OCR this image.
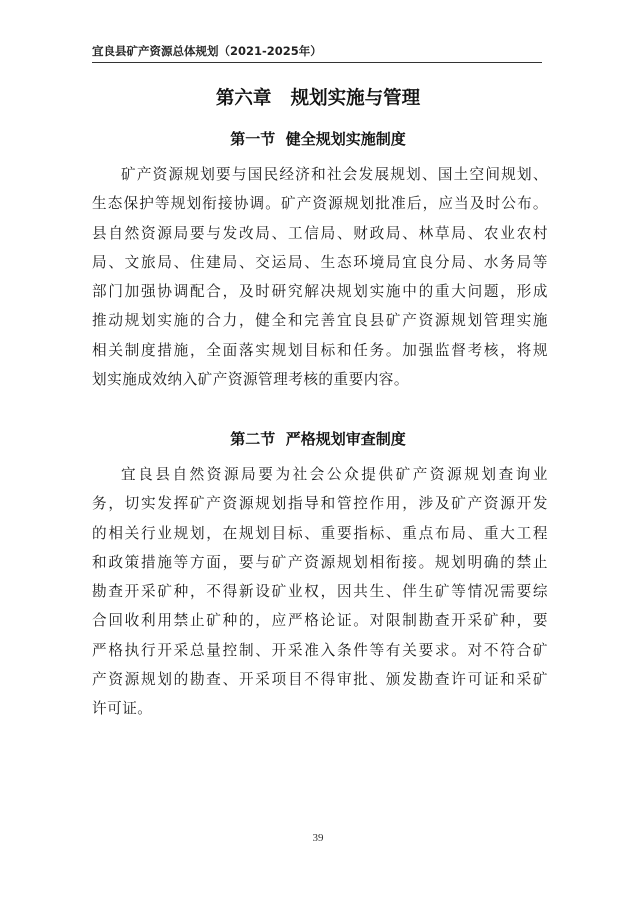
宜良县矿产资源总体规划（2021-2025年）
第六章   规划实施与管理
第一节  健全规划实施制度
矿产资源规划要与国民经济和社会发展规划、国土空间规划、
生态保护等规划衔接协调。矿产资源规划批准后，应当及时公布。
县自然资源局要与发改局、工信局、财政局、林草局、农业农村
局、文旅局、住建局、交运局、生态环境局宜良分局、水务局等
部门加强协调配合，及时研究解决规划实施中的重大问题，形成
推动规划实施的合力，健全和完善宜良县矿产资源规划管理实施
相关制度措施，全面落实规划目标和任务。加强监督考核，将规
划实施成效纳入矿产资源管理考核的重要内容。
第二节  严格规划审查制度
宜良县自然资源局要为社会公众提供矿产资源规划查询业
务，切实发挥矿产资源规划指导和管控作用，涉及矿产资源开发
的相关行业规划，在规划目标、重要指标、重点布局、重大工程
和政策措施等方面，要与矿产资源规划相衔接。规划明确的禁止
勘查开采矿种，不得新设矿业权，因共生、伴生矿等情况需要综
合回收利用禁止矿种的，应严格论证。对限制勘查开采矿种，要
严格执行开采总量控制、开采准入条件等有关要求。对不符合矿
产资源规划的勘查、开采项目不得审批、颁发勘查许可证和采矿
许可证。
39
